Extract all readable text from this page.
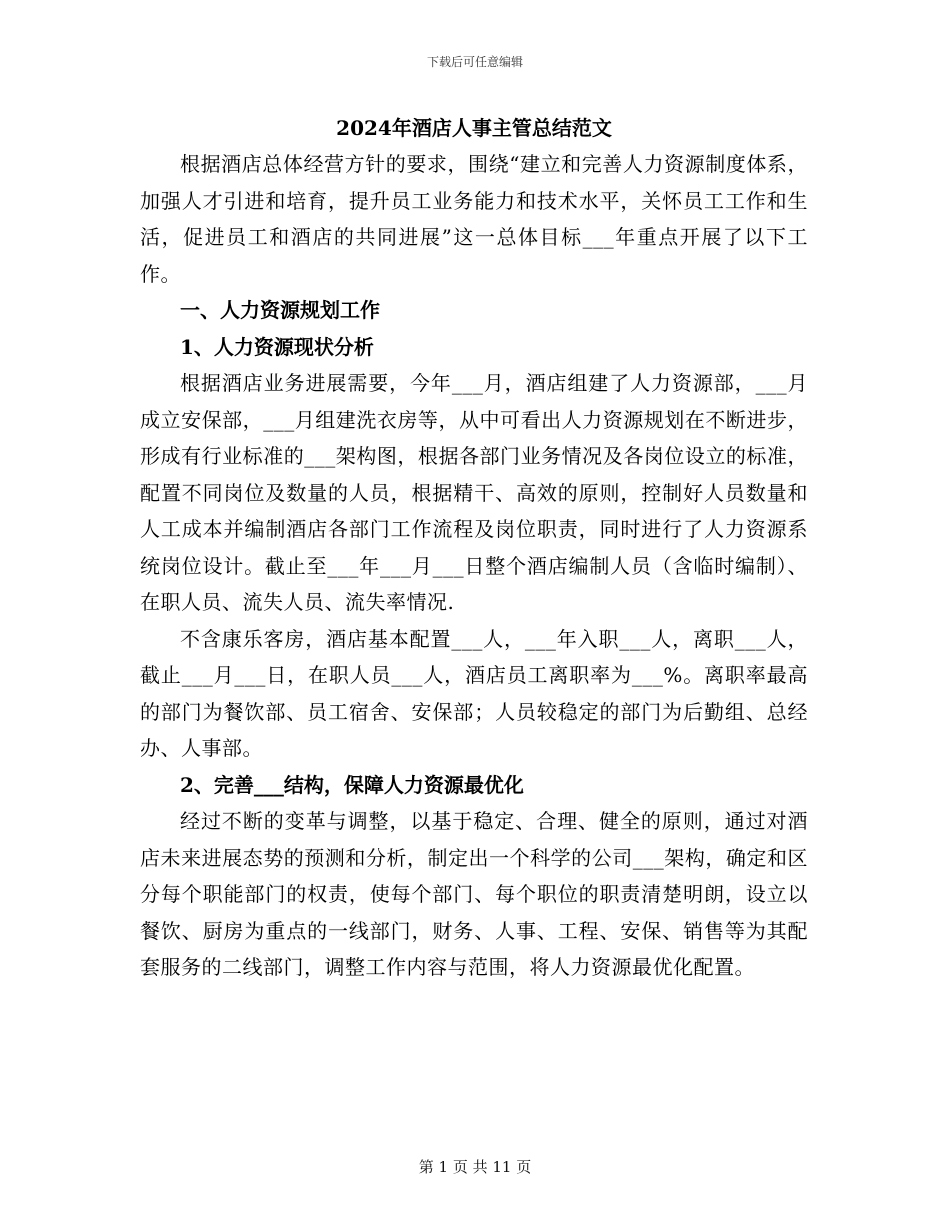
下载后可任意编辑

2024年酒店人事主管总结范文

根据酒店总体经营方针的要求，围绕“建立和完善人力资源制度体系，加强人才引进和培育，提升员工业务能力和技术水平，关怀员工工作和生活，促进员工和酒店的共同进展”这一总体目标___年重点开展了以下工作。

一、人力资源规划工作

1、人力资源现状分析

根据酒店业务进展需要，今年___月，酒店组建了人力资源部，___月成立安保部，___月组建洗衣房等，从中可看出人力资源规划在不断进步，形成有行业标准的___架构图，根据各部门业务情况及各岗位设立的标准，配置不同岗位及数量的人员，根据精干、高效的原则，控制好人员数量和人工成本并编制酒店各部门工作流程及岗位职责，同时进行了人力资源系统岗位设计。截止至___年___月___日整个酒店编制人员（含临时编制）、在职人员、流失人员、流失率情况.

不含康乐客房，酒店基本配置___人，___年入职___人，离职___人，截止___月___日，在职人员___人，酒店员工离职率为___%。离职率最高的部门为餐饮部、员工宿舍、安保部；人员较稳定的部门为后勤组、总经办、人事部。

2、完善___结构，保障人力资源最优化

经过不断的变革与调整，以基于稳定、合理、健全的原则，通过对酒店未来进展态势的预测和分析，制定出一个科学的公司___架构，确定和区分每个职能部门的权责，使每个部门、每个职位的职责清楚明朗，设立以餐饮、厨房为重点的一线部门，财务、人事、工程、安保、销售等为其配套服务的二线部门，调整工作内容与范围，将人力资源最优化配置。

第 1 页 共 11 页
